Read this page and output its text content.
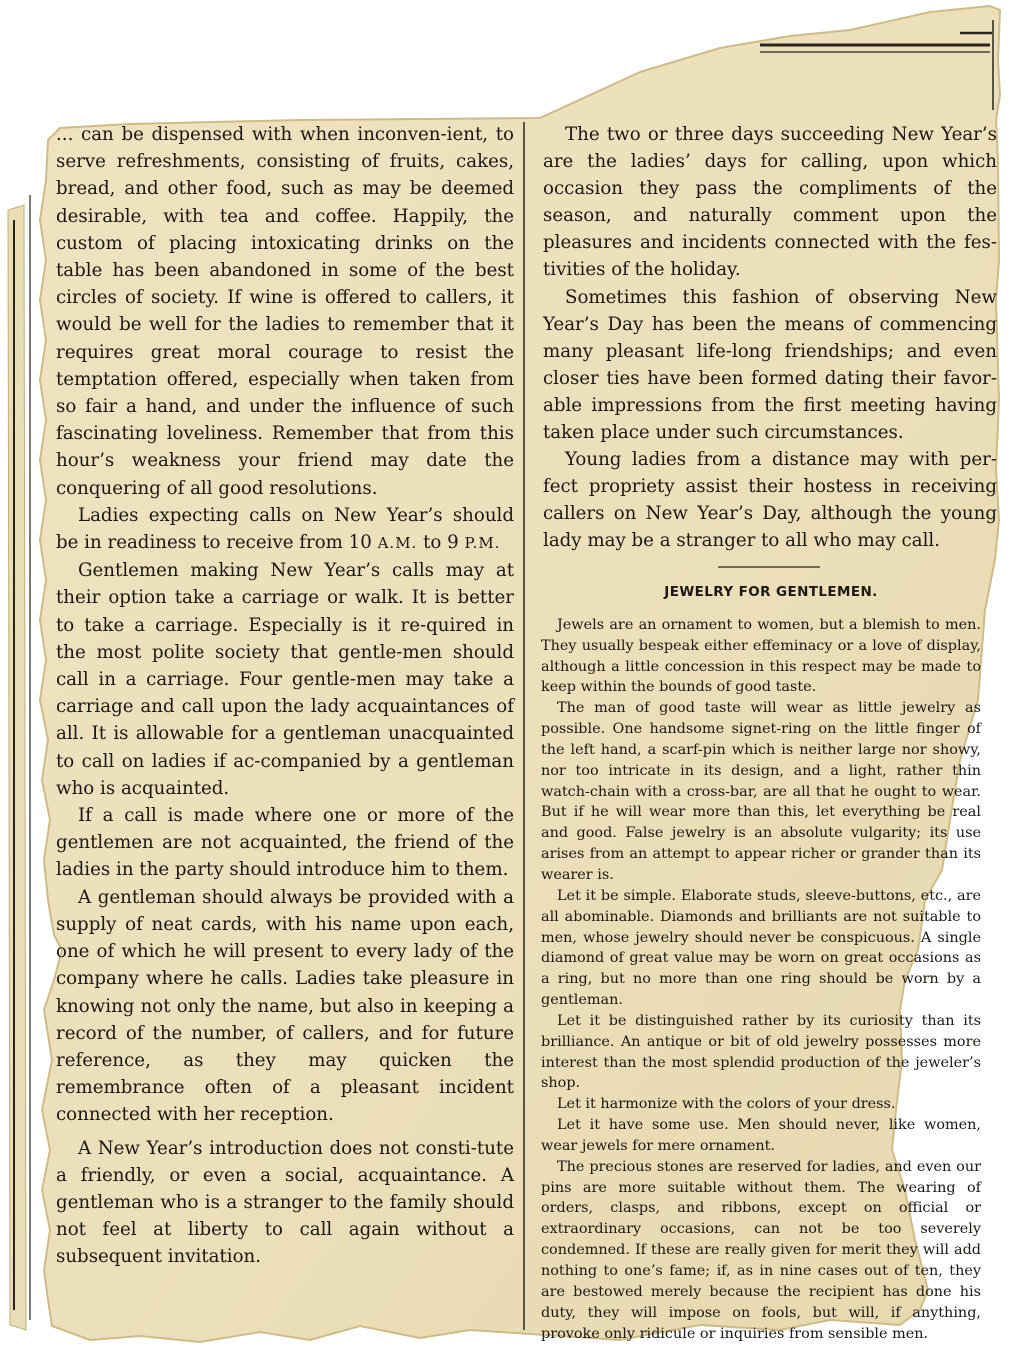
... can be dispensed with when inconven-ient, to serve refreshments, consisting of fruits, cakes, bread, and other food, such as may be deemed desirable, with tea and coffee. Happily, the custom of placing intoxicating drinks on the table has been abandoned in some of the best circles of society. If wine is offered to callers, it would be well for the ladies to remember that it requires great moral courage to resist the temptation offered, especially when taken from so fair a hand, and under the influence of such fascinating loveliness. Remember that from this hour’s weakness your friend may date the conquering of all good resolutions.

Ladies expecting calls on New Year’s should be in readiness to receive from 10 A.M. to 9 P.M.

Gentlemen making New Year’s calls may at their option take a carriage or walk. It is better to take a carriage. Especially is it re-quired in the most polite society that gentle-men should call in a carriage. Four gentle-men may take a carriage and call upon the lady acquaintances of all. It is allowable for a gentleman unacquainted to call on ladies if ac-companied by a gentleman who is acquainted.

If a call is made where one or more of the gentlemen are not acquainted, the friend of the ladies in the party should introduce him to them.

A gentleman should always be provided with a supply of neat cards, with his name upon each, one of which he will present to every lady of the company where he calls. Ladies take pleasure in knowing not only the name, but also in keeping a record of the number, of callers, and for future reference, as they may quicken the remembrance often of a pleasant incident connected with her reception.

A New Year’s introduction does not consti-tute a friendly, or even a social, acquaintance. A gentleman who is a stranger to the family should not feel at liberty to call again without a subsequent invitation.

The two or three days succeeding New Year’s are the ladies’ days for calling, upon which occasion they pass the compliments of the season, and naturally comment upon the pleasures and incidents connected with the fes-tivities of the holiday.

Sometimes this fashion of observing New Year’s Day has been the means of commencing many pleasant life-long friendships; and even closer ties have been formed dating their favor-able impressions from the first meeting having taken place under such circumstances.

Young ladies from a distance may with per-fect propriety assist their hostess in receiving callers on New Year’s Day, although the young lady may be a stranger to all who may call.

JEWELRY FOR GENTLEMEN.

Jewels are an ornament to women, but a blemish to men. They usually bespeak either effeminacy or a love of display, although a little concession in this respect may be made to keep within the bounds of good taste.

The man of good taste will wear as little jewelry as possible. One handsome signet-ring on the little finger of the left hand, a scarf-pin which is neither large nor showy, nor too intricate in its design, and a light, rather thin watch-chain with a cross-bar, are all that he ought to wear. But if he will wear more than this, let everything be real and good. False jewelry is an absolute vulgarity; its use arises from an attempt to appear richer or grander than its wearer is.

Let it be simple. Elaborate studs, sleeve-buttons, etc., are all abominable. Diamonds and brilliants are not suitable to men, whose jewelry should never be conspicuous. A single diamond of great value may be worn on great occasions as a ring, but no more than one ring should be worn by a gentleman.

Let it be distinguished rather by its curiosity than its brilliance. An antique or bit of old jewelry possesses more interest than the most splendid production of the jeweler’s shop.

Let it harmonize with the colors of your dress.

Let it have some use. Men should never, like women, wear jewels for mere ornament.

The precious stones are reserved for ladies, and even our pins are more suitable without them. The wearing of orders, clasps, and ribbons, except on official or extraordinary occasions, can not be too severely condemned. If these are really given for merit they will add nothing to one’s fame; if, as in nine cases out of ten, they are bestowed merely because the recipient has done his duty, they will impose on fools, but will, if anything, provoke only ridicule or inquiries from sensible men.
